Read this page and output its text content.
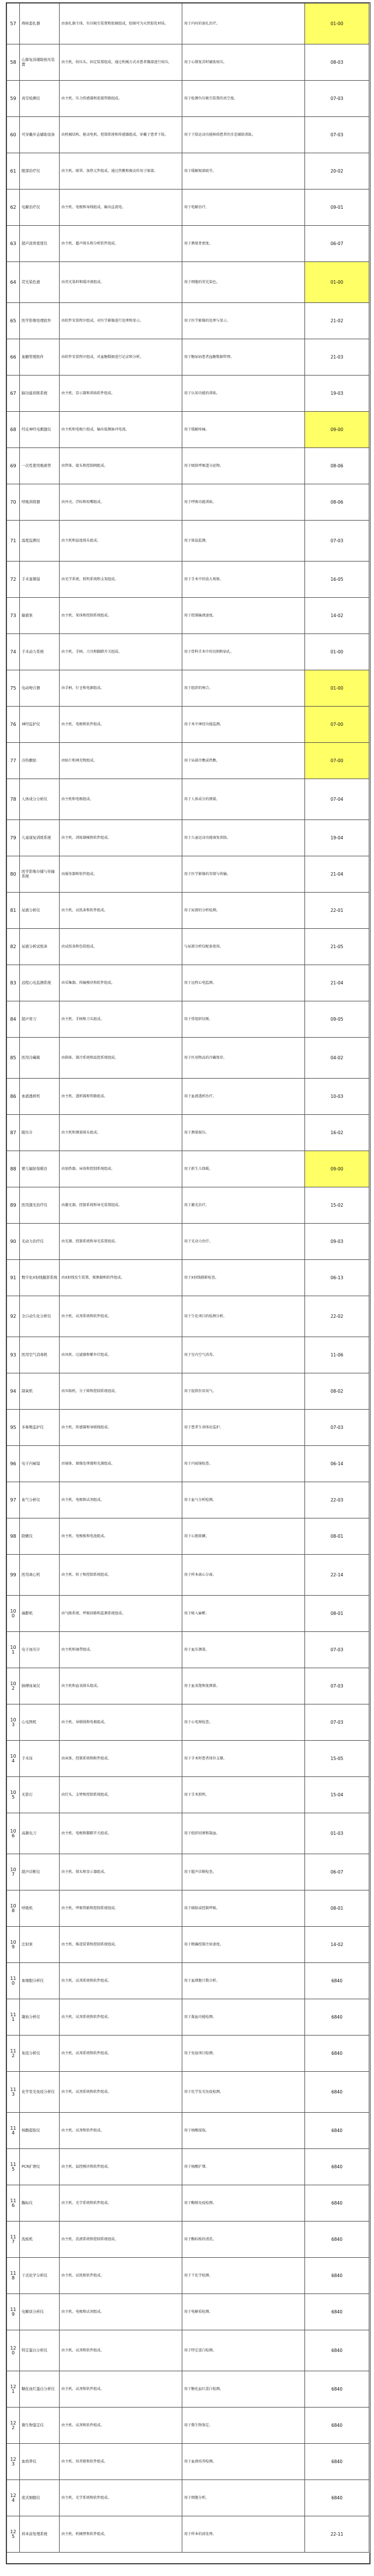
57	痔核套扎器	由套扎器主体、负压吸引装置和胶圈组成，胶圈可为天然胶乳材质。	用于内痔的套扎治疗。	01-00
58	心肺复苏辅助按压装置	由主机、按压头、固定装置组成，通过机械方式对患者胸部进行按压。	用于心肺复苏时辅助按压。	08-03
59	真空检测仪	由主机、压力传感器和连接管路组成。	用于检测负压吸引装置的真空度。	07-03
60	可穿戴步态辅助设备	由机械结构、驱动电机、控制系统和传感器组成，穿戴于患者下肢。	用于下肢运动功能障碍患者的步态辅助训练。	07-03
61	眼部治疗仪	由主机、眼罩、加热元件组成，通过热敷和振动作用于眼部。	用于缓解眼部疲劳。	20-02
62	电解治疗仪	由主机、电极和导线组成，输出直流电。	用于电解治疗。	09-01
63	超声波骨密度仪	由主机、超声探头和分析软件组成。	用于测量骨密度。	06-07
64	荧光染色液	由荧光染料和缓冲液组成。	用于细胞的荧光染色。	01-00
65	医学影像处理软件	由软件安装程序组成，对医学影像进行处理和显示。	用于医学影像的处理与显示。	21-02
66	血糖管理软件	由软件安装程序组成，对血糖数据进行记录和分析。	用于糖尿病患者血糖数据管理。	21-03
67	脑功能训练系统	由主机、显示器和训练软件组成。	用于认知功能的训练。	19-03
68	经皮神经电刺激仪	由主机和电极片组成，输出低频脉冲电流。	用于缓解疼痛。	09-00
69	一次性使用吸痰管	由管体、接头和控制阀组成。	用于吸除呼吸道分泌物。	08-06
70	呼吸训练器	由外壳、浮标和咬嘴组成。	用于呼吸功能训练。	08-06
71	温度监测仪	由主机和温度探头组成。	用于体温监测。	07-03
72	手术显微镜	由光学系统、照明系统和支架组成。	用于手术中的放大观察。	16-05
73	输液泵	由主机、泵体和控制系统组成。	用于控制输液速度。	14-02
74	手术动力系统	由主机、手柄、刀具和脚踏开关组成。	用于骨科手术中的切割和钻孔。	01-00
75	电动吻合器	由手柄、钉仓和电源组成。	用于组织的吻合。	01-00
76	神经监护仪	由主机、电极和软件组成。	用于术中神经功能监测。	07-00
77	冷热敷贴	由贴片和填充物组成。	用于局部冷敷或热敷。	07-00
78	人体成分分析仪	由主机和电极组成。	用于人体成分的测量。	07-04
79	儿童康复训练系统	由主机、训练器械和软件组成。	用于儿童运动功能康复训练。	19-04
80	医学影像存储与传输系统	由服务器和软件组成。	用于医学影像的存储与传输。	21-04
81	尿液分析仪	由主机、试纸条和软件组成。	用于尿液的分析检测。	22-01
82	尿液分析试纸条	由试纸条和包装组成。	与尿液分析仪配套使用。	21-05
83	远程心电监测系统	由采集器、传输模块和软件组成。	用于远程心电监测。	21-04
84	超声骨刀	由主机、手柄和刀头组成。	用于骨组织切割。	09-05
85	医用冷藏箱	由箱体、制冷系统和温控系统组成。	用于医用物品的冷藏保存。	04-02
86	血液透析机	由主机、透析器和管路组成。	用于血液透析治疗。	10-03
87	眼压计	由主机和测量探头组成。	用于测量眼压。	16-02
88	婴儿辐射保暖台	由加热器、床体和控制系统组成。	用于新生儿保暖。	09-00
89	医用激光治疗仪	由激光器、控制系统和导光装置组成。	用于激光治疗。	15-02
90	光动力治疗仪	由光源、控制系统和导光装置组成。	用于光动力治疗。	09-03
91	数字化X射线摄影系统	由X射线发生装置、探测器和软件组成。	用于X射线摄影检查。	06-13
92	全自动生化分析仪	由主机、试剂系统和软件组成。	用于生化项目的检测分析。	22-02
93	医用空气消毒机	由风机、过滤器和紫外灯组成。	用于室内空气消毒。	11-06
94	制氧机	由压缩机、分子筛和控制系统组成。	用于提供医用氧气。	08-02
95	多参数监护仪	由主机、传感器和导联线组成。	用于患者生命体征监护。	07-03
96	电子内窥镜	由镜体、图像处理器和光源组成。	用于内窥镜检查。	06-14
97	血气分析仪	由主机、电极和试剂组成。	用于血气分析检测。	22-03
98	除颤仪	由主机、电极板和电池组成。	用于心脏除颤。	08-01
99	医用离心机	由主机、转子和控制系统组成。	用于样本离心分离。	22-14
100	麻醉机	由气路系统、呼吸回路和监测系统组成。	用于吸入麻醉。	08-01
101	电子血压计	由主机和袖带组成。	用于血压测量。	07-03
102	脉搏血氧仪	由主机和血氧探头组成。	用于血氧饱和度测量。	07-03
103	心电图机	由主机、导联线和电极组成。	用于心电图检查。	07-03
104	手术床	由床体、控制系统和附件组成。	用于手术时患者体位支撑。	15-05
105	无影灯	由灯头、支臂和控制系统组成。	用于手术照明。	15-04
106	高频电刀	由主机、电极和脚踏开关组成。	用于组织切割和凝血。	01-03
107	超声诊断仪	由主机、探头和显示器组成。	用于超声诊断检查。	06-07
108	呼吸机	由主机、呼吸管路和控制系统组成。	用于辅助或控制呼吸。	08-01
109	注射泵	由主机、推进装置和控制系统组成。	用于精确控制注射速度。	14-02
110	血细胞分析仪	由主机、试剂系统和软件组成。	用于血细胞计数分析。	6840
111	凝血分析仪	由主机、试剂系统和软件组成。	用于凝血功能检测。	6840
112	免疫分析仪	由主机、试剂系统和软件组成。	用于免疫项目检测。	6840
113	化学发光免疫分析仪	由主机、试剂系统和软件组成。	用于化学发光免疫检测。	6840
114	核酸提取仪	由主机、试剂和软件组成。	用于核酸提取。	6840
115	PCR扩增仪	由主机、温控模块和软件组成。	用于核酸扩增。	6840
116	酶标仪	由主机、光学系统和软件组成。	用于酶联免疫检测。	6840
117	洗板机	由主机、洗液系统和控制系统组成。	用于酶标板的清洗。	6840
118	干式化学分析仪	由主机、试纸和软件组成。	用于干化学检测。	6840
119	电解质分析仪	由主机、电极和试剂组成。	用于电解质检测。	6840
120	特定蛋白分析仪	由主机、试剂和软件组成。	用于特定蛋白检测。	6840
121	糖化血红蛋白分析仪	由主机、试剂和软件组成。	用于糖化血红蛋白检测。	6840
122	微生物鉴定仪	由主机、试剂和软件组成。	用于微生物鉴定。	6840
123	血培养仪	由主机、培养瓶和软件组成。	用于血液培养检测。	6840
124	流式细胞仪	由主机、光学系统和软件组成。	用于细胞分析。	6840
125	样本前处理系统	由主机、机械臂和软件组成。	用于样本的前处理。	22-11
